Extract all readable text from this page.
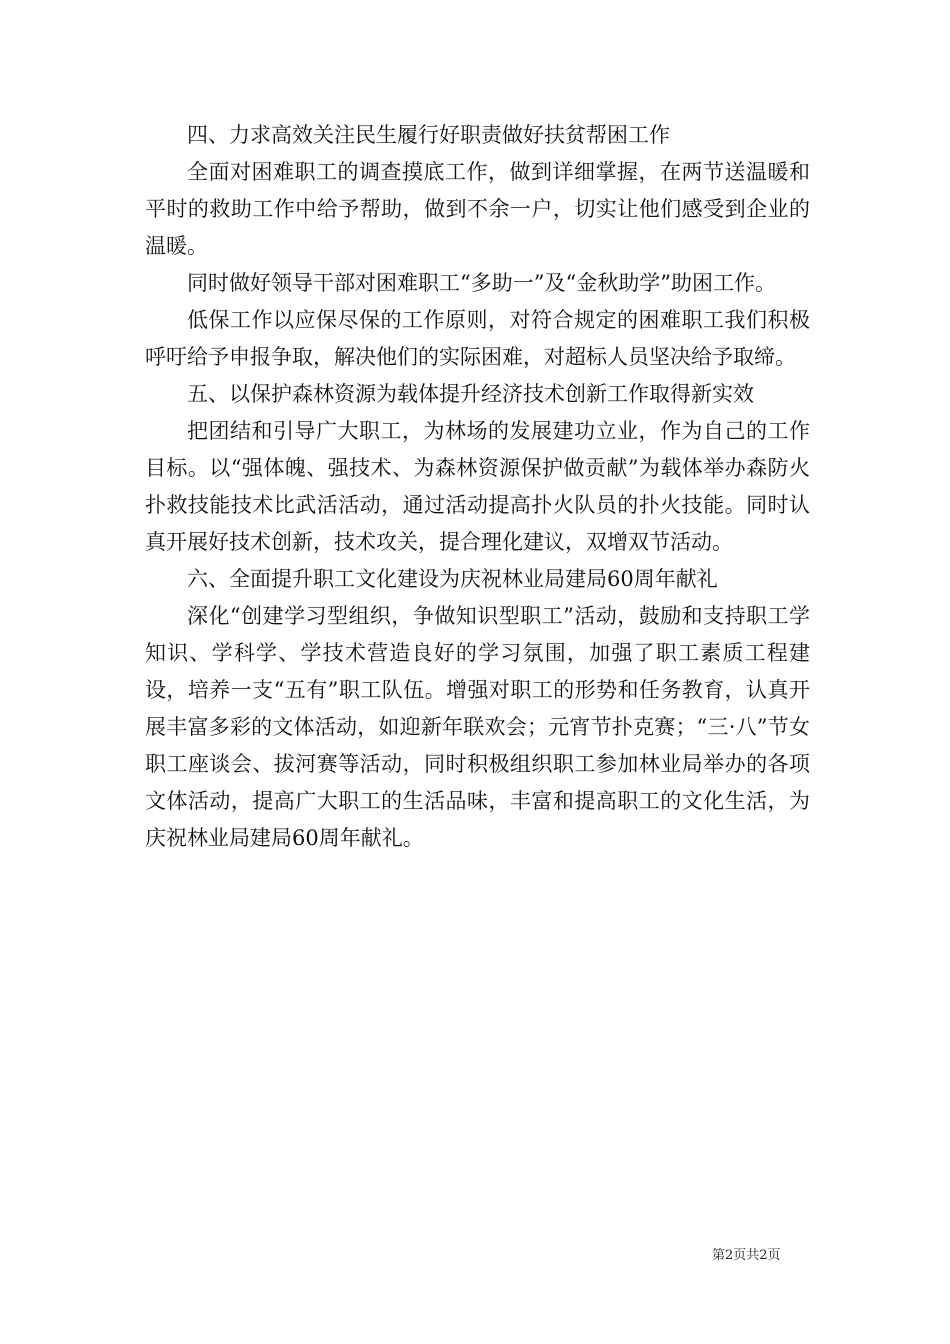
四、力求高效关注民生履行好职责做好扶贫帮困工作

全面对困难职工的调查摸底工作，做到详细掌握，在两节送温暖和平时的救助工作中给予帮助，做到不余一户，切实让他们感受到企业的温暖。

同时做好领导干部对困难职工“多助一”及“金秋助学”助困工作。

低保工作以应保尽保的工作原则，对符合规定的困难职工我们积极呼吁给予申报争取，解决他们的实际困难，对超标人员坚决给予取缔。

五、以保护森林资源为载体提升经济技术创新工作取得新实效

把团结和引导广大职工，为林场的发展建功立业，作为自己的工作目标。以“强体魄、强技术、为森林资源保护做贡献”为载体举办森防火扑救技能技术比武活活动，通过活动提高扑火队员的扑火技能。同时认真开展好技术创新，技术攻关，提合理化建议，双增双节活动。

六、全面提升职工文化建设为庆祝林业局建局60周年献礼

深化“创建学习型组织，争做知识型职工”活动，鼓励和支持职工学知识、学科学、学技术营造良好的学习氛围，加强了职工素质工程建设，培养一支“五有”职工队伍。增强对职工的形势和任务教育，认真开展丰富多彩的文体活动，如迎新年联欢会；元宵节扑克赛；“三·八”节女职工座谈会、拔河赛等活动，同时积极组织职工参加林业局举办的各项文体活动，提高广大职工的生活品味，丰富和提高职工的文化生活，为庆祝林业局建局60周年献礼。

第2页共2页
